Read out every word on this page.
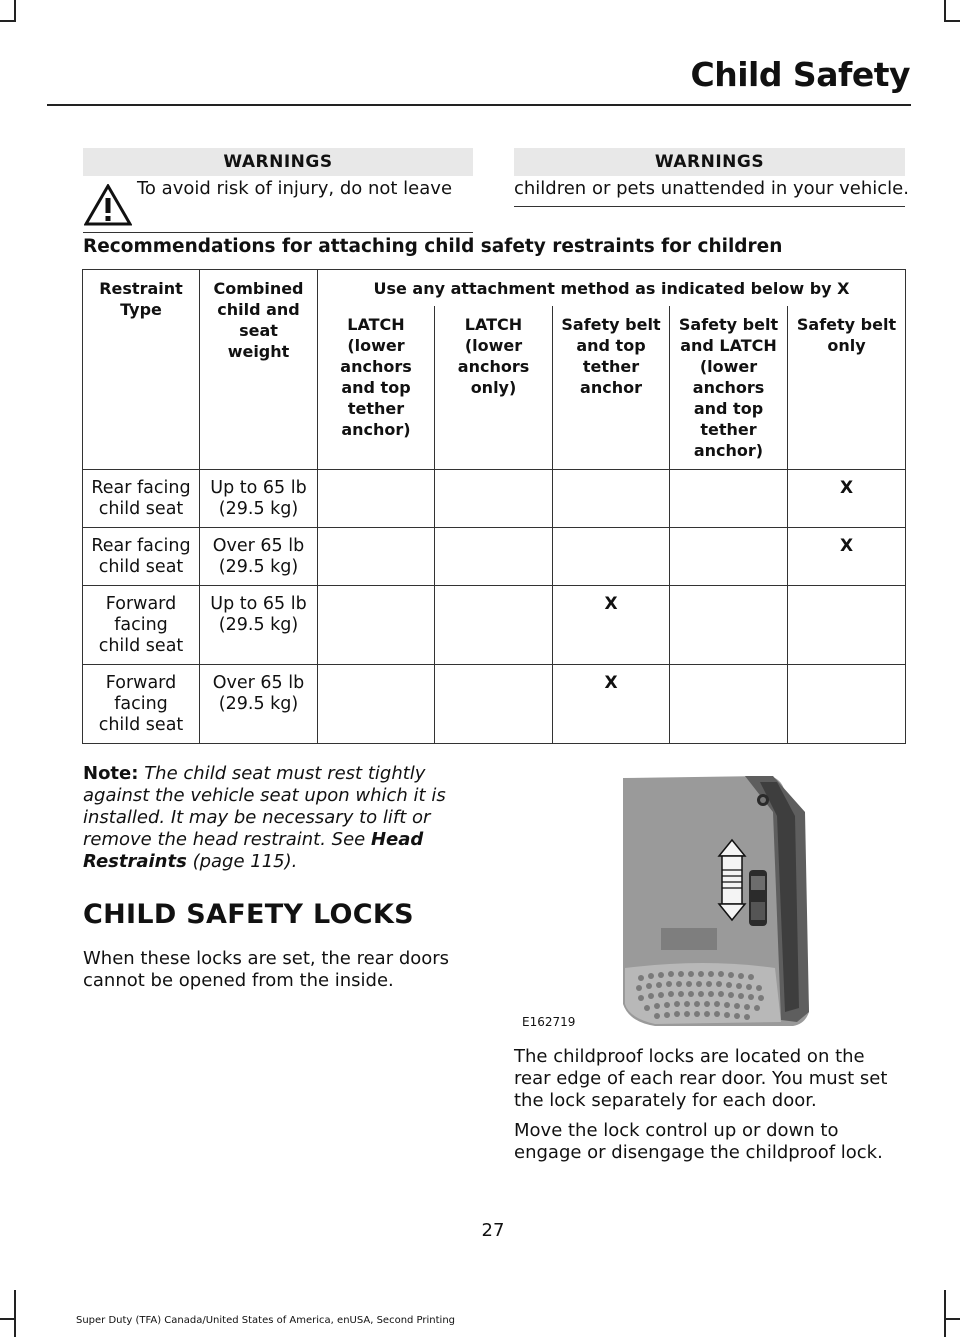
Child Safety
WARNINGS
To avoid risk of injury, do not leave
WARNINGS
children or pets unattended in your vehicle.
Recommendations for attaching child safety restraints for children
Restraint Type	Combined child and seat weight	Use any attachment method as indicated below by X				

		LATCH (lower anchors and top tether anchor)	LATCH (lower anchors only)	Safety belt and top tether anchor	Safety belt and LATCH (lower anchors and top tether anchor)	Safety belt only

Rear facing child seat	Up to 65 lb (29.5 kg)					X

Rear facing child seat	Over 65 lb (29.5 kg)					X

Forward facing child seat	Up to 65 lb (29.5 kg)			X		

Forward facing child seat	Over 65 lb (29.5 kg)			X		
Note: The child seat must rest tightly against the vehicle seat upon which it is installed. It may be necessary to lift or remove the head restraint. See Head Restraints (page 115).
CHILD SAFETY LOCKS
When these locks are set, the rear doors cannot be opened from the inside.
E162719
The childproof locks are located on the rear edge of each rear door. You must set the lock separately for each door.
Move the lock control up or down to engage or disengage the childproof lock.
27
Super Duty (TFA) Canada/United States of America, enUSA, Second Printing
